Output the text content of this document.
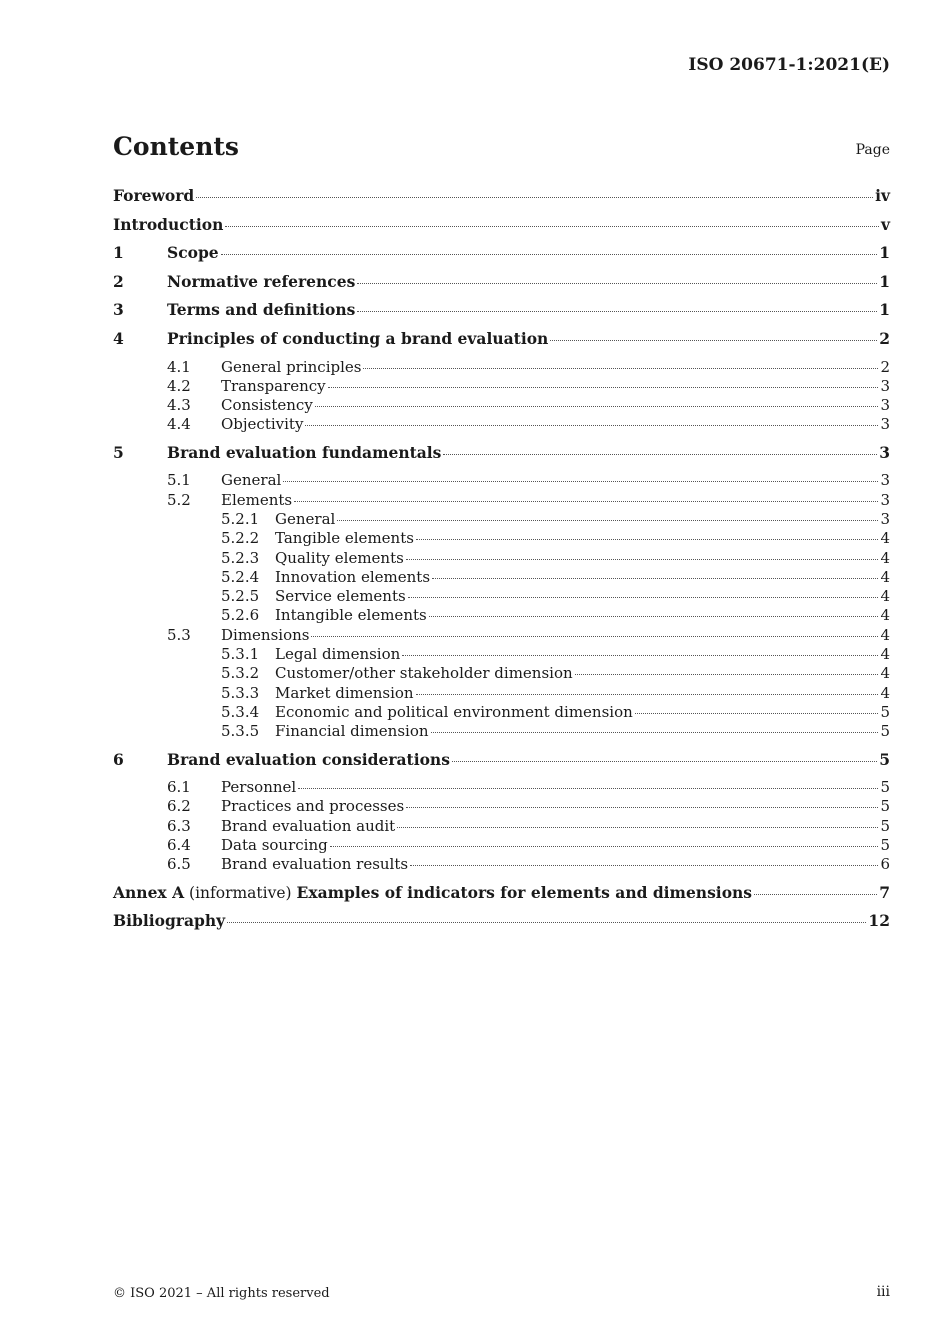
ISO 20671-1:2021(E)
Contents	Page
Foreword	iv
Introduction	v
1	Scope	1
2	Normative references	1
3	Terms and definitions	1
4	Principles of conducting a brand evaluation	2
4.1	General principles	2
4.2	Transparency	3
4.3	Consistency	3
4.4	Objectivity	3
5	Brand evaluation fundamentals	3
5.1	General	3
5.2	Elements	3
5.2.1	General	3
5.2.2	Tangible elements	4
5.2.3	Quality elements	4
5.2.4	Innovation elements	4
5.2.5	Service elements	4
5.2.6	Intangible elements	4
5.3	Dimensions	4
5.3.1	Legal dimension	4
5.3.2	Customer/other stakeholder dimension	4
5.3.3	Market dimension	4
5.3.4	Economic and political environment dimension	5
5.3.5	Financial dimension	5
6	Brand evaluation considerations	5
6.1	Personnel	5
6.2	Practices and processes	5
6.3	Brand evaluation audit	5
6.4	Data sourcing	5
6.5	Brand evaluation results	6
Annex A (informative) Examples of indicators for elements and dimensions	7
Bibliography	12
© ISO 2021 – All rights reserved	iii
